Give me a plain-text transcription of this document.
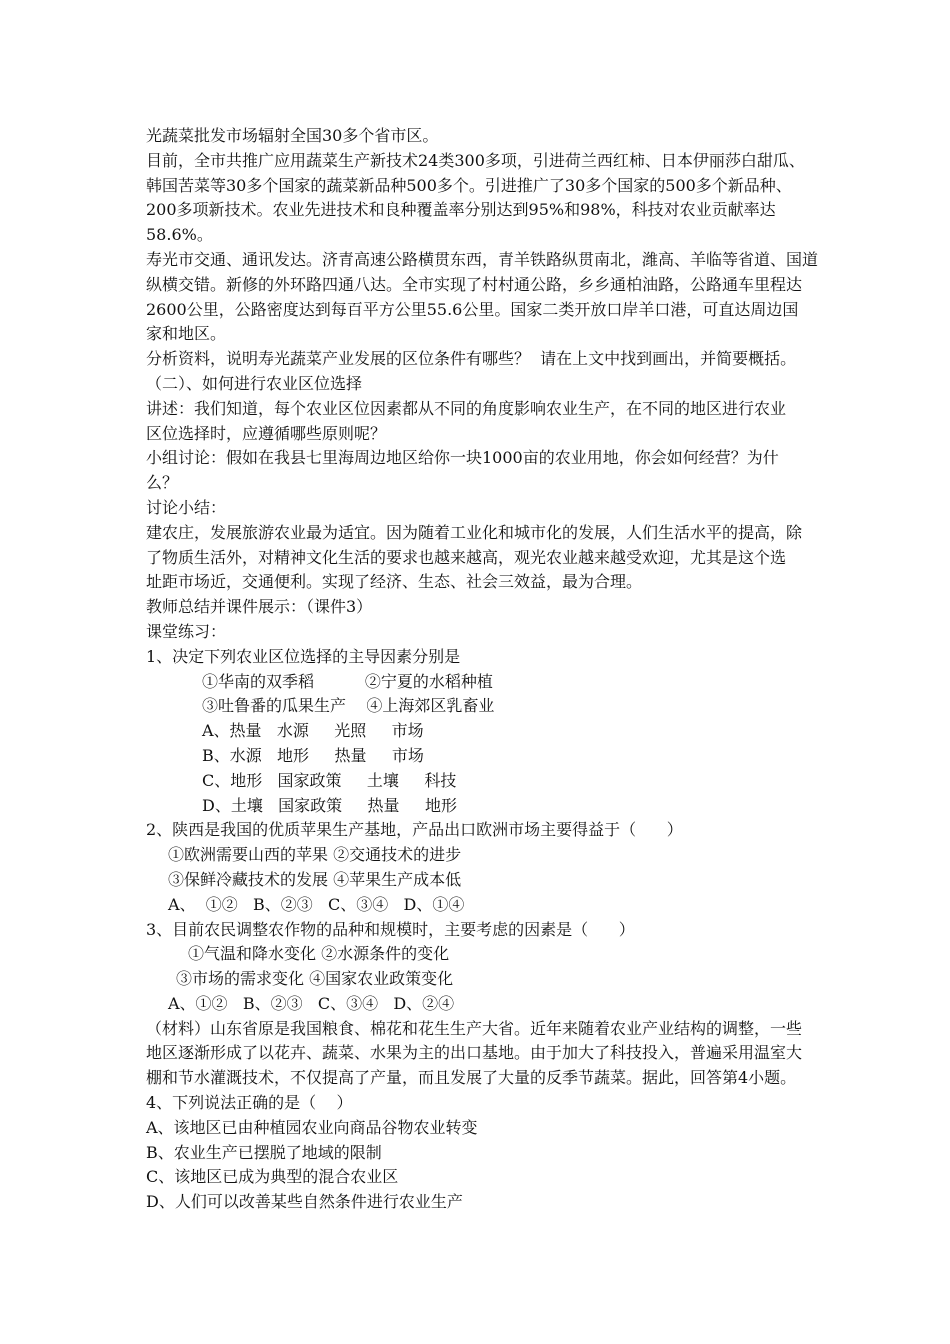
光蔬菜批发市场辐射全国30多个省市区。
目前，全市共推广应用蔬菜生产新技术24类300多项，引进荷兰西红柿、日本伊丽莎白甜瓜、
韩国苦菜等30多个国家的蔬菜新品种500多个。引进推广了30多个国家的500多个新品种、
200多项新技术。农业先进技术和良种覆盖率分别达到95%和98%，科技对农业贡献率达
58.6%。
寿光市交通、通讯发达。济青高速公路横贯东西，青羊铁路纵贯南北，潍高、羊临等省道、国道
纵横交错。新修的外环路四通八达。全市实现了村村通公路，乡乡通柏油路，公路通车里程达
2600公里，公路密度达到每百平方公里55.6公里。国家二类开放口岸羊口港，可直达周边国
家和地区。
分析资料，说明寿光蔬菜产业发展的区位条件有哪些？  请在上文中找到画出，并简要概括。
（二）、如何进行农业区位选择
讲述：我们知道，每个农业区位因素都从不同的角度影响农业生产，在不同的地区进行农业
区位选择时，应遵循哪些原则呢？
小组讨论：假如在我县七里海周边地区给你一块1000亩的农业用地，你会如何经营？为什
么？
讨论小结：
建农庄，发展旅游农业最为适宜。因为随着工业化和城市化的发展，人们生活水平的提高，除
了物质生活外，对精神文化生活的要求也越来越高，观光农业越来越受欢迎，尤其是这个选
址距市场近，交通便利。实现了经济、生态、社会三效益，最为合理。
教师总结并课件展示：（课件3）
课堂练习：
1、决定下列农业区位选择的主导因素分别是
①华南的双季稻          ②宁夏的水稻种植
③吐鲁番的瓜果生产    ④上海郊区乳畜业
A、热量   水源     光照     市场
B、水源   地形     热量     市场
C、地形   国家政策     土壤     科技
D、土壤   国家政策     热量     地形
2、陕西是我国的优质苹果生产基地，产品出口欧洲市场主要得益于（      ）
①欧洲需要山西的苹果 ②交通技术的进步
③保鲜冷藏技术的发展 ④苹果生产成本低
A、  ①②   B、②③   C、③④   D、①④
3、目前农民调整农作物的品种和规模时，主要考虑的因素是（      ）
①气温和降水变化 ②水源条件的变化
③市场的需求变化 ④国家农业政策变化
A、①②   B、②③   C、③④   D、②④
（材料）山东省原是我国粮食、棉花和花生生产大省。近年来随着农业产业结构的调整，一些
地区逐渐形成了以花卉、蔬菜、水果为主的出口基地。由于加大了科技投入，普遍采用温室大
棚和节水灌溉技术，不仅提高了产量，而且发展了大量的反季节蔬菜。据此，回答第4小题。
4、下列说法正确的是（    ）
A、该地区已由种植园农业向商品谷物农业转变
B、农业生产已摆脱了地域的限制
C、该地区已成为典型的混合农业区
D、人们可以改善某些自然条件进行农业生产
